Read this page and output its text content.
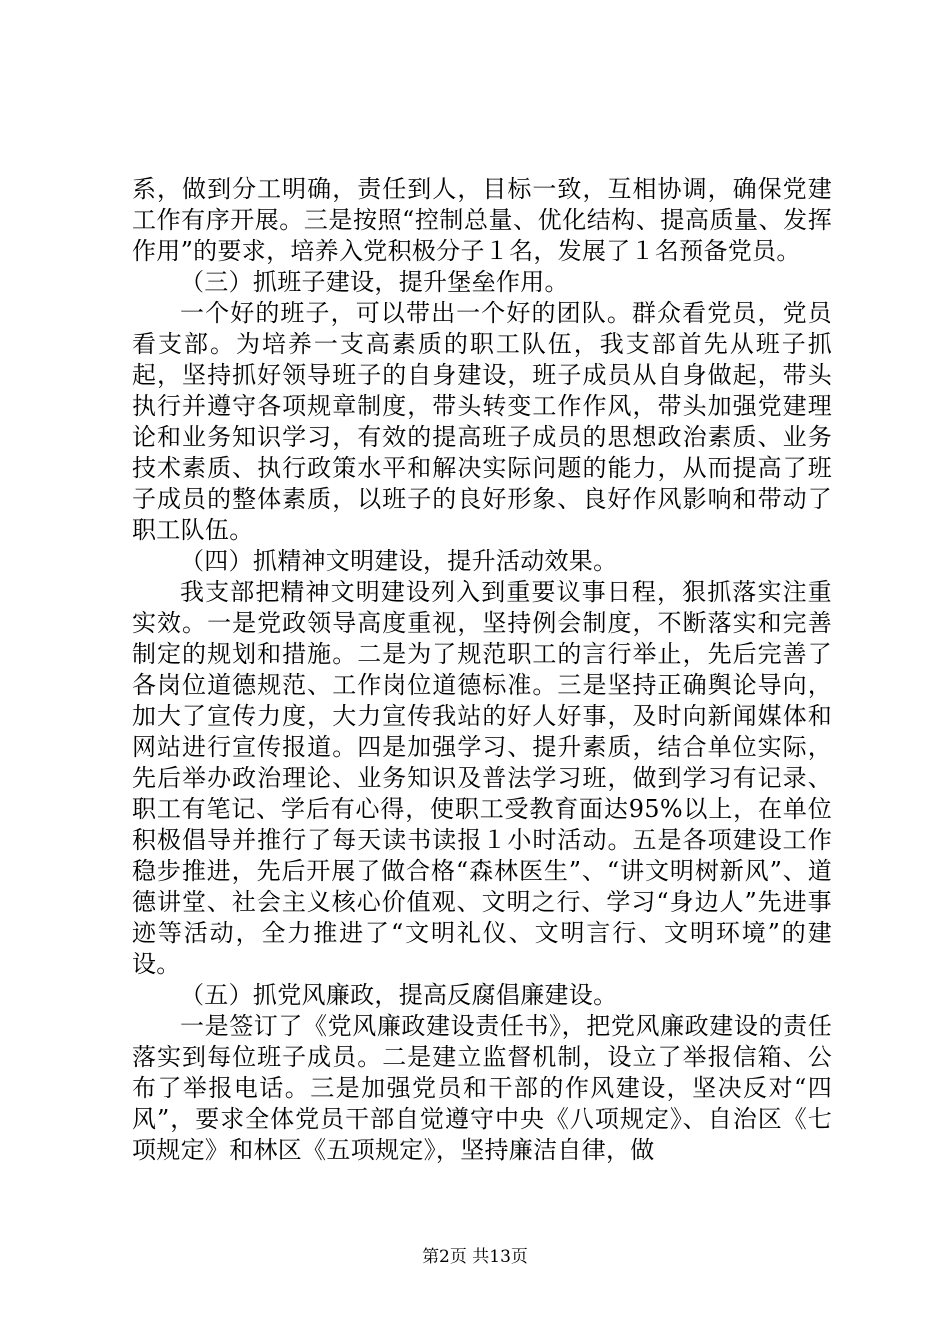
系，做到分工明确，责任到人，目标一致，互相协调，确保党建工作有序开展。三是按照“控制总量、优化结构、提高质量、发挥作用”的要求，培养入党积极分子１名，发展了１名预备党员。

（三）抓班子建设，提升堡垒作用。

一个好的班子，可以带出一个好的团队。群众看党员，党员看支部。为培养一支高素质的职工队伍，我支部首先从班子抓起，坚持抓好领导班子的自身建设，班子成员从自身做起，带头执行并遵守各项规章制度，带头转变工作作风，带头加强党建理论和业务知识学习，有效的提高班子成员的思想政治素质、业务技术素质、执行政策水平和解决实际问题的能力，从而提高了班子成员的整体素质，以班子的良好形象、良好作风影响和带动了职工队伍。

（四）抓精神文明建设，提升活动效果。

我支部把精神文明建设列入到重要议事日程，狠抓落实注重实效。一是党政领导高度重视，坚持例会制度，不断落实和完善制定的规划和措施。二是为了规范职工的言行举止，先后完善了各岗位道德规范、工作岗位道德标准。三是坚持正确舆论导向，加大了宣传力度，大力宣传我站的好人好事，及时向新闻媒体和网站进行宣传报道。四是加强学习、提升素质，结合单位实际，先后举办政治理论、业务知识及普法学习班，做到学习有记录、职工有笔记、学后有心得，使职工受教育面达95%以上，在单位积极倡导并推行了每天读书读报１小时活动。五是各项建设工作稳步推进，先后开展了做合格“森林医生”、“讲文明树新风”、道德讲堂、社会主义核心价值观、文明之行、学习“身边人”先进事迹等活动，全力推进了“文明礼仪、文明言行、文明环境”的建设。

（五）抓党风廉政，提高反腐倡廉建设。

一是签订了《党风廉政建设责任书》，把党风廉政建设的责任落实到每位班子成员。二是建立监督机制，设立了举报信箱、公布了举报电话。三是加强党员和干部的作风建设，坚决反对“四风”，要求全体党员干部自觉遵守中央《八项规定》、自治区《七项规定》和林区《五项规定》，坚持廉洁自律，做

第2页 共13页
